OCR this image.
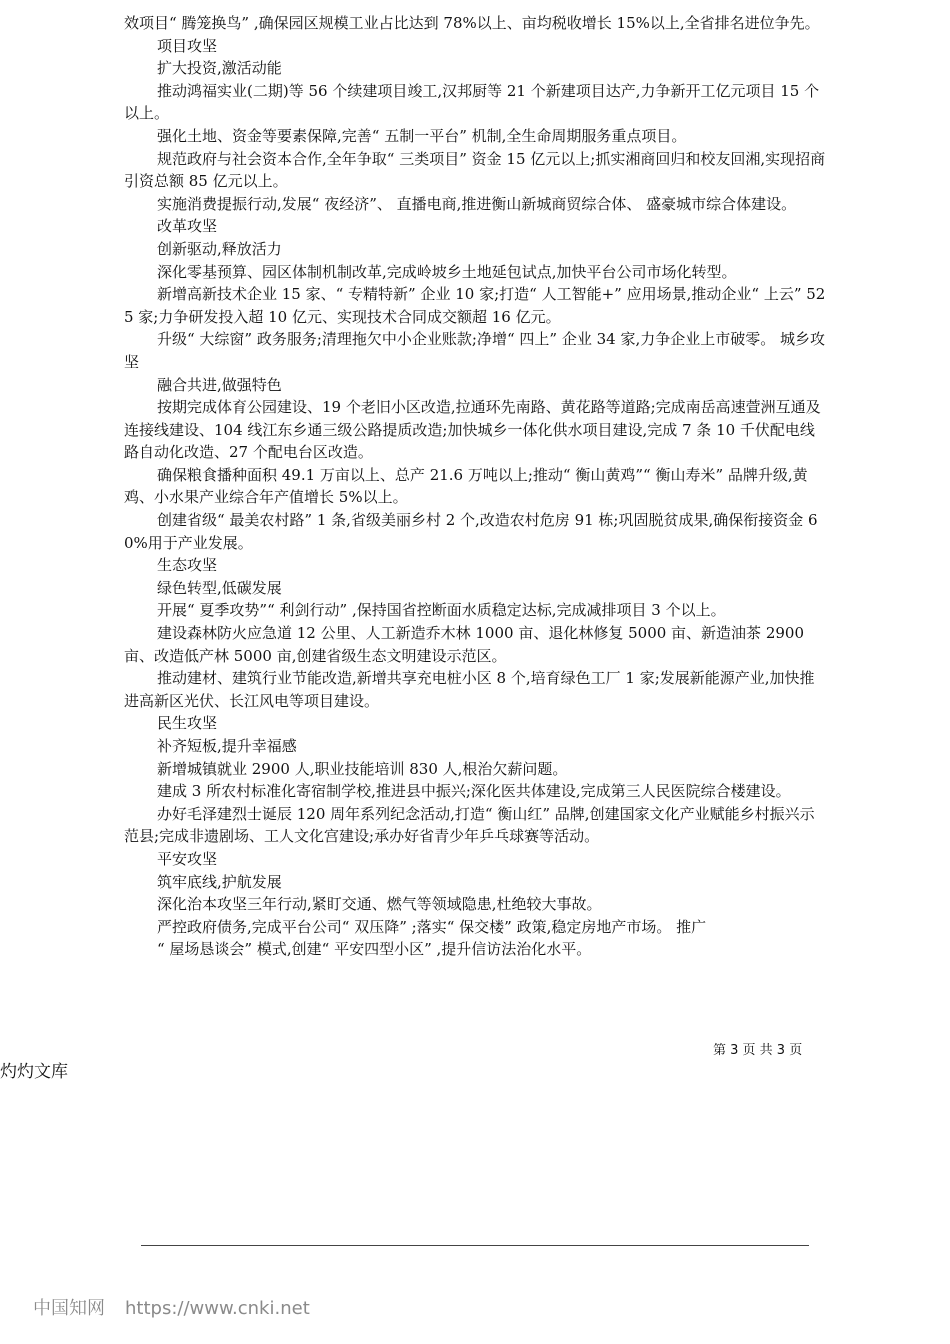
效项目“ 腾笼换鸟” ,确保园区规模工业占比达到 78%以上、亩均税收增长 15%以上,全省排名进位争先。

项目攻坚

扩大投资,激活动能

推动鸿福实业(二期)等 56 个续建项目竣工,汉邦厨等 21 个新建项目达产,力争新开工亿元项目 15 个以上。

强化土地、资金等要素保障,完善“ 五制一平台” 机制,全生命周期服务重点项目。

规范政府与社会资本合作,全年争取“ 三类项目” 资金 15 亿元以上;抓实湘商回归和校友回湘,实现招商引资总额 85 亿元以上。

实施消费提振行动,发展“ 夜经济”、 直播电商,推进衡山新城商贸综合体、 盛豪城市综合体建设。

改革攻坚

创新驱动,释放活力

深化零基预算、园区体制机制改革,完成岭坡乡土地延包试点,加快平台公司市场化转型。

新增高新技术企业 15 家、“ 专精特新” 企业 10 家;打造“ 人工智能+” 应用场景,推动企业“ 上云” 525 家;力争研发投入超 10 亿元、实现技术合同成交额超 16 亿元。

升级“ 大综窗” 政务服务;清理拖欠中小企业账款;净增“ 四上” 企业 34 家,力争企业上市破零。 城乡攻坚

融合共进,做强特色

按期完成体育公园建设、19 个老旧小区改造,拉通环先南路、黄花路等道路;完成南岳高速萱洲互通及连接线建设、104 线江东乡通三级公路提质改造;加快城乡一体化供水项目建设,完成 7 条 10 千伏配电线路自动化改造、27 个配电台区改造。

确保粮食播种面积 49.1 万亩以上、总产 21.6 万吨以上;推动“ 衡山黄鸡”“ 衡山寿米” 品牌升级,黄鸡、小水果产业综合年产值增长 5%以上。

创建省级“ 最美农村路” 1 条,省级美丽乡村 2 个,改造农村危房 91 栋;巩固脱贫成果,确保衔接资金 60%用于产业发展。

生态攻坚

绿色转型,低碳发展

开展“ 夏季攻势”“ 利剑行动” ,保持国省控断面水质稳定达标,完成减排项目 3 个以上。

建设森林防火应急道 12 公里、人工新造乔木林 1000 亩、退化林修复 5000 亩、新造油茶 2900 亩、改造低产林 5000 亩,创建省级生态文明建设示范区。

推动建材、建筑行业节能改造,新增共享充电桩小区 8 个,培育绿色工厂 1 家;发展新能源产业,加快推进高新区光伏、长江风电等项目建设。

民生攻坚

补齐短板,提升幸福感

新增城镇就业 2900 人,职业技能培训 830 人,根治欠薪问题。

建成 3 所农村标准化寄宿制学校,推进县中振兴;深化医共体建设,完成第三人民医院综合楼建设。

办好毛泽建烈士诞辰 120 周年系列纪念活动,打造“ 衡山红” 品牌,创建国家文化产业赋能乡村振兴示范县;完成非遗剧场、工人文化宫建设;承办好省青少年乒乓球赛等活动。

平安攻坚

筑牢底线,护航发展

深化治本攻坚三年行动,紧盯交通、燃气等领域隐患,杜绝较大事故。

严控政府债务,完成平台公司“ 双压降” ;落实“ 保交楼” 政策,稳定房地产市场。 推广

“ 屋场恳谈会” 模式,创建“ 平安四型小区” ,提升信访法治化水平。

第 3 页 共 3 页
灼灼文库
中国知网 https://www.cnki.net
